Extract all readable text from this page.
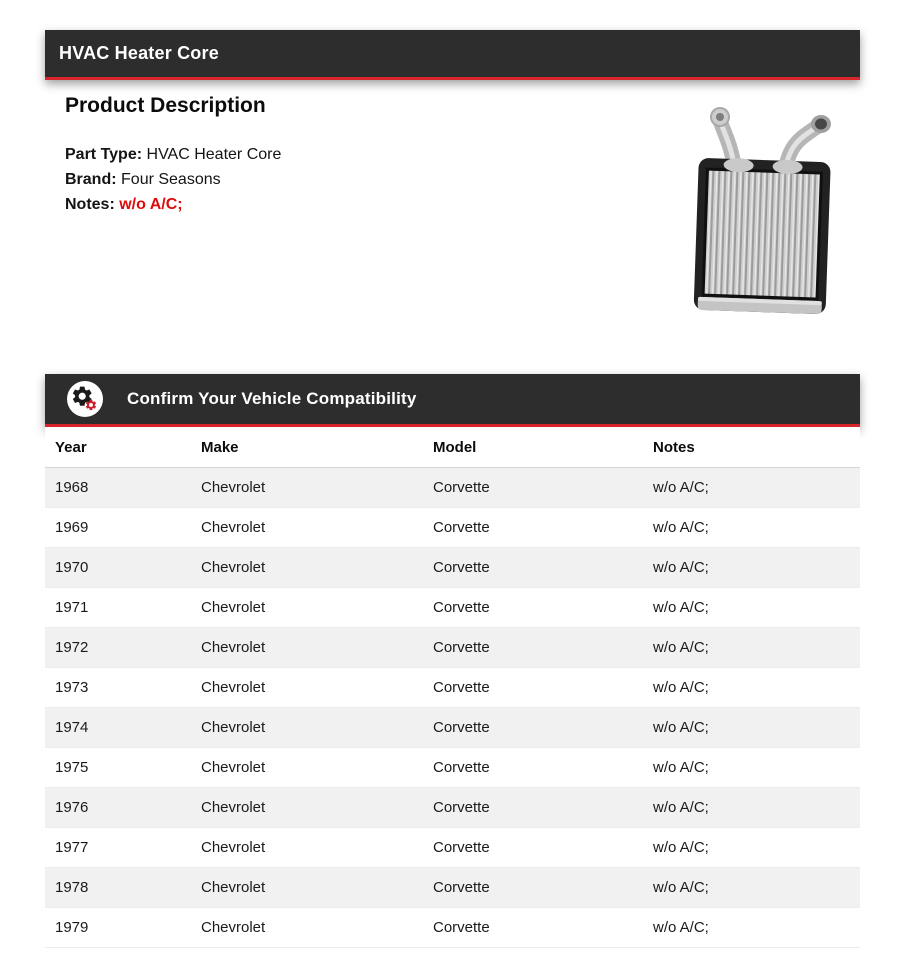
HVAC Heater Core
Product Description
Part Type: HVAC Heater Core
Brand: Four Seasons
Notes: w/o A/C;
Confirm Your Vehicle Compatibility
Year	Make	Model	Notes
1968	Chevrolet	Corvette	w/o A/C;
1969	Chevrolet	Corvette	w/o A/C;
1970	Chevrolet	Corvette	w/o A/C;
1971	Chevrolet	Corvette	w/o A/C;
1972	Chevrolet	Corvette	w/o A/C;
1973	Chevrolet	Corvette	w/o A/C;
1974	Chevrolet	Corvette	w/o A/C;
1975	Chevrolet	Corvette	w/o A/C;
1976	Chevrolet	Corvette	w/o A/C;
1977	Chevrolet	Corvette	w/o A/C;
1978	Chevrolet	Corvette	w/o A/C;
1979	Chevrolet	Corvette	w/o A/C;
